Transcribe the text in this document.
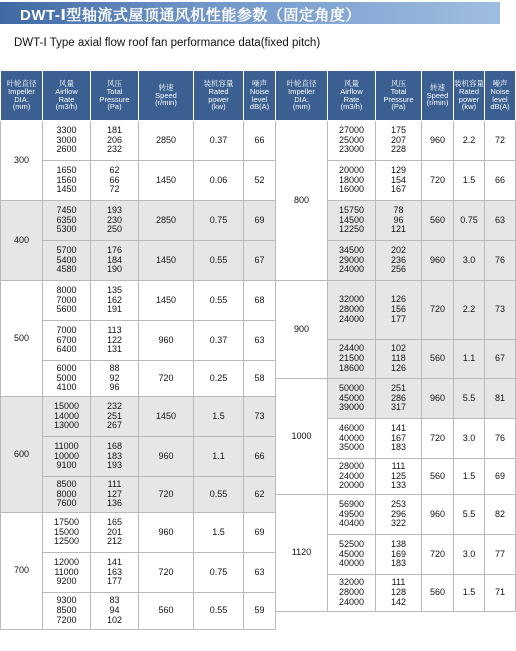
DWT-Ⅰ型轴流式屋顶通风机性能参数（固定角度）
DWT-Ⅰ Type axial flow roof fan performance data(fixed pitch)
叶轮直径
Impeller
DIA.
(mm)	风量
Airflow
Rate
(m3/h)	风压
Total
Pressure
(Pa)	转速
Speed
(r/min)	装机容量
Rated
power
(kw)	噪声
Noise
level
dB(A)	叶轮直径
Impeller
DIA.
(mm)	风量
Airflow
Rate
(m3/h)	风压
Total
Pressure
(Pa)	转速
Speed
(r/min)	装机容量
Rated
power
(kw)	噪声
Noise
level
dB(A)

300	3300
3000
2600	181
206
232	2850	0.37	66	800	27000
25000
23000	175
207
228	960	2.2	72

	1650
1560
1450	62
66
72	1450	0.06	52		20000
18000
16000	129
154
167	720	1.5	66
400	7450
6350
5300	193
230
250	2850	0.75	69		15750
14500
12250	78
96
121	560	0.75	63

	5700
5400
4580	176
184
190	1450	0.55	67		34500
29000
24000	202
236
256	960	3.0	76
500	8000
7000
5600	135
162
191	1450	0.55	68	900	32000
28000
24000	126
156
177	720	2.2	73

	7000
6700
6400	113
122
131	960	0.37	63						

							24400
21500
18600	102
118
126	560	1.1	67

	6000
5000
4100	88
92
96	720	0.25	58						
						1000	50000
45000
39000	251
286
317	960	5.5	81
600	15000
14000
13000	232
251
267	1450	1.5	73						

							46000
40000
35000	141
167
183	720	3.0	76

	11000
10000
9100	168
183
193	960	1.1	66						

							28000
24000
20000	111
125
133	560	1.5	69

	8500
8000
7600	111
127
136	720	0.55	62						
						1120	56900
49500
40400	253
296
322	960	5.5	82
700	17500
15000
12500	165
201
212	960	1.5	69						

							52500
45000
40000	138
169
183	720	3.0	77

	12000
11000
9200	141
163
177	720	0.75	63						

							32000
28000
24000	111
128
142	560	1.5	71

	9300
8500
7200	83
94
102	560	0.55	59						
